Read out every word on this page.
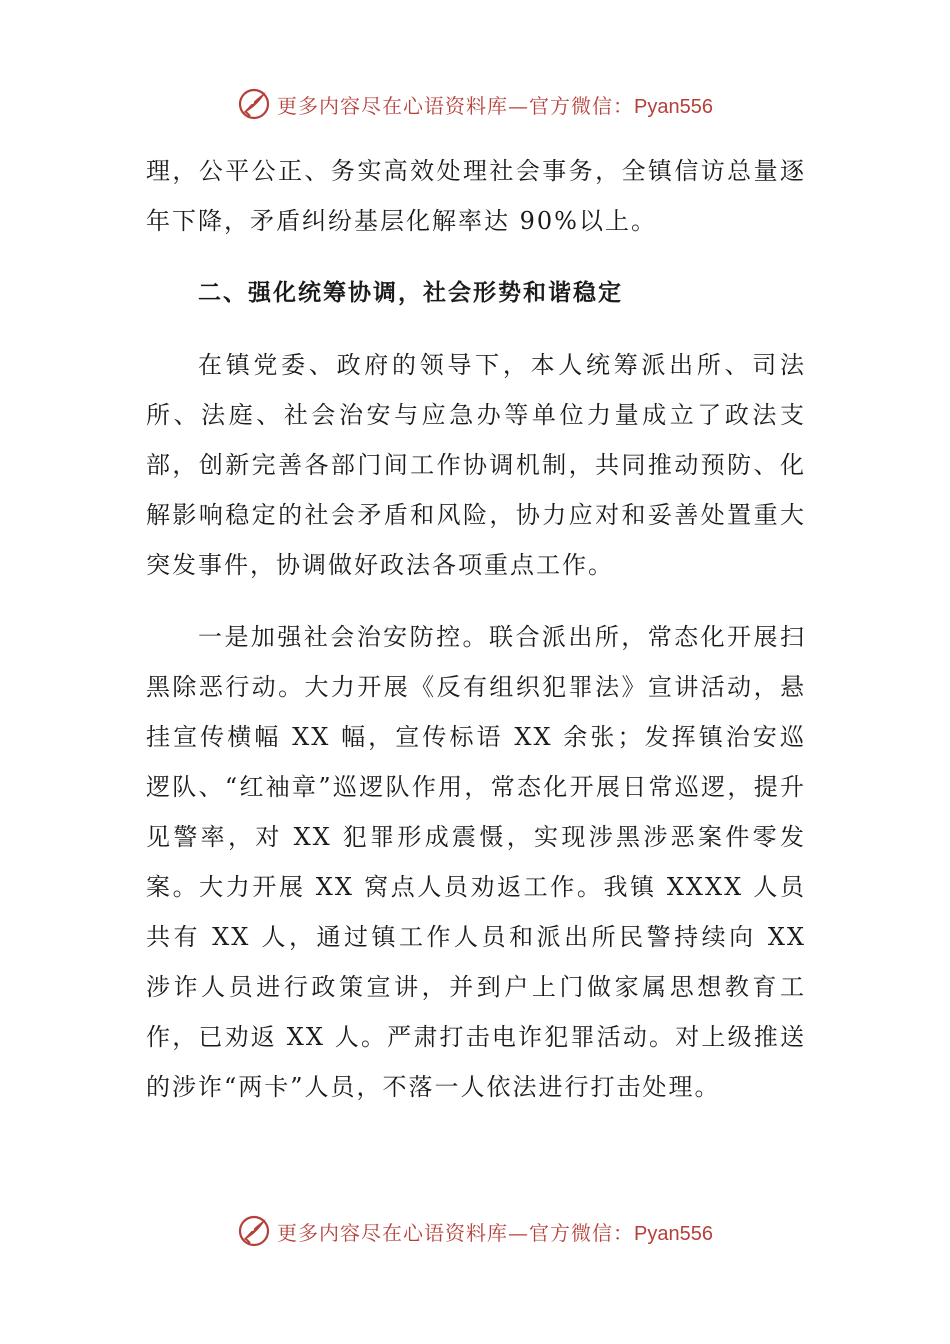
更多内容尽在心语资料库—官方微信：Pyan556

理，公平公正、务实高效处理社会事务，全镇信访总量逐年下降，矛盾纠纷基层化解率达 90%以上。

二、强化统筹协调，社会形势和谐稳定

在镇党委、政府的领导下，本人统筹派出所、司法所、法庭、社会治安与应急办等单位力量成立了政法支部，创新完善各部门间工作协调机制，共同推动预防、化解影响稳定的社会矛盾和风险，协力应对和妥善处置重大突发事件，协调做好政法各项重点工作。

一是加强社会治安防控。联合派出所，常态化开展扫黑除恶行动。大力开展《反有组织犯罪法》宣讲活动，悬挂宣传横幅 XX 幅，宣传标语 XX 余张；发挥镇治安巡逻队、“红袖章”巡逻队作用，常态化开展日常巡逻，提升见警率，对 XX 犯罪形成震慑，实现涉黑涉恶案件零发案。大力开展 XX 窝点人员劝返工作。我镇 XXXX 人员共有 XX 人，通过镇工作人员和派出所民警持续向 XX 涉诈人员进行政策宣讲，并到户上门做家属思想教育工作，已劝返 XX 人。严肃打击电诈犯罪活动。对上级推送的涉诈“两卡”人员，不落一人依法进行打击处理。

更多内容尽在心语资料库—官方微信：Pyan556
